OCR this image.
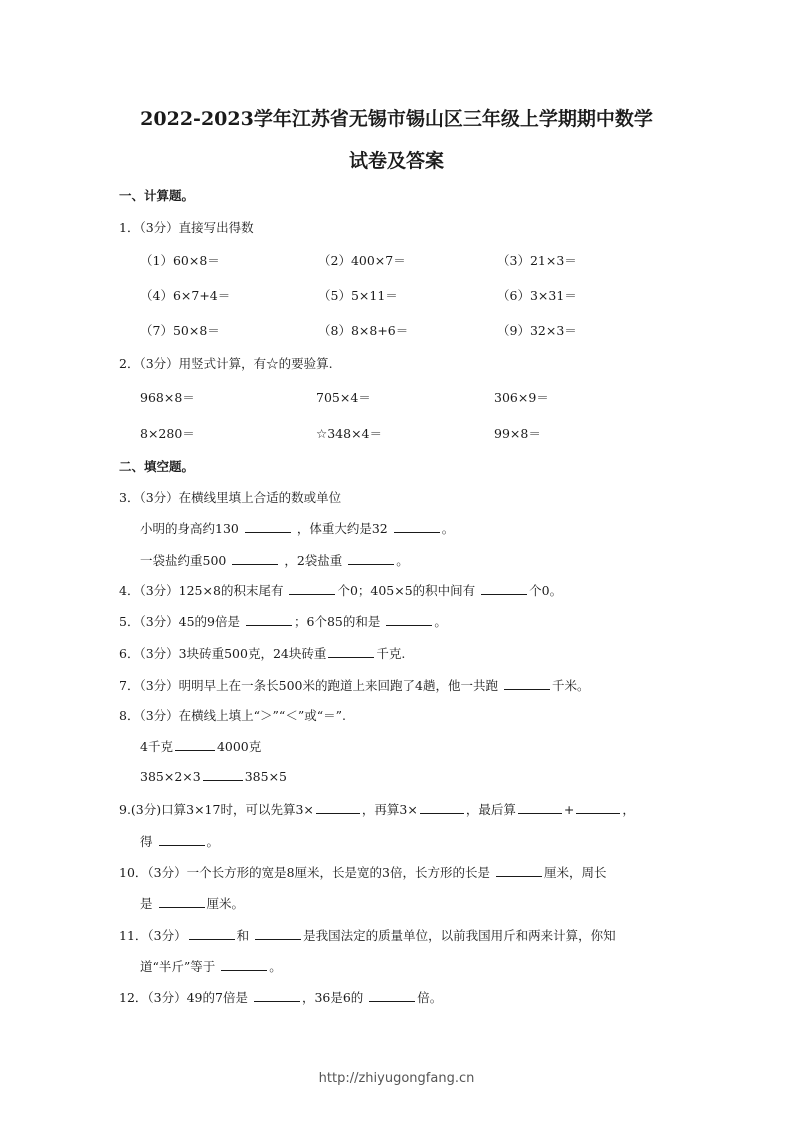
2022-2023学年江苏省无锡市锡山区三年级上学期期中数学
试卷及答案
一、计算题。
1．（3分）直接写出得数
（1）60×8＝	（2）400×7＝	（3）21×3＝
（4）6×7+4＝	（5）5×11＝	（6）3×31＝
（7）50×8＝	（8）8×8+6＝	（9）32×3＝
2．（3分）用竖式计算，有☆的要验算.
968×8＝	705×4＝	306×9＝
8×280＝	☆348×4＝	99×8＝
二、填空题。
3．（3分）在横线里填上合适的数或单位
小明的身高约130	，体重大约是32	。
一袋盐约重500	，2袋盐重	。
4．（3分）125×8的积末尾有	个0；405×5的积中间有	个0。
5．（3分）45的9倍是	；6个85的和是	。
6．（3分）3块砖重500克，24块砖重	千克.
7．（3分）明明早上在一条长500米的跑道上来回跑了4趟，他一共跑	千米。
8．（3分）在横线上填上“＞”“＜”或“＝”.
4千克	4000克
385×2×3	385×5
9.(3分)口算3×17时，可以先算3×	，再算3×	，最后算	+	，
得	。
10．（3分）一个长方形的宽是8厘米，长是宽的3倍，长方形的长是	厘米，周长
是	厘米。
11．（3分）	和	是我国法定的质量单位，以前我国用斤和两来计算，你知
道“半斤”等于	。
12．（3分）49的7倍是	，36是6的	倍。
http://zhiyugongfang.cn
